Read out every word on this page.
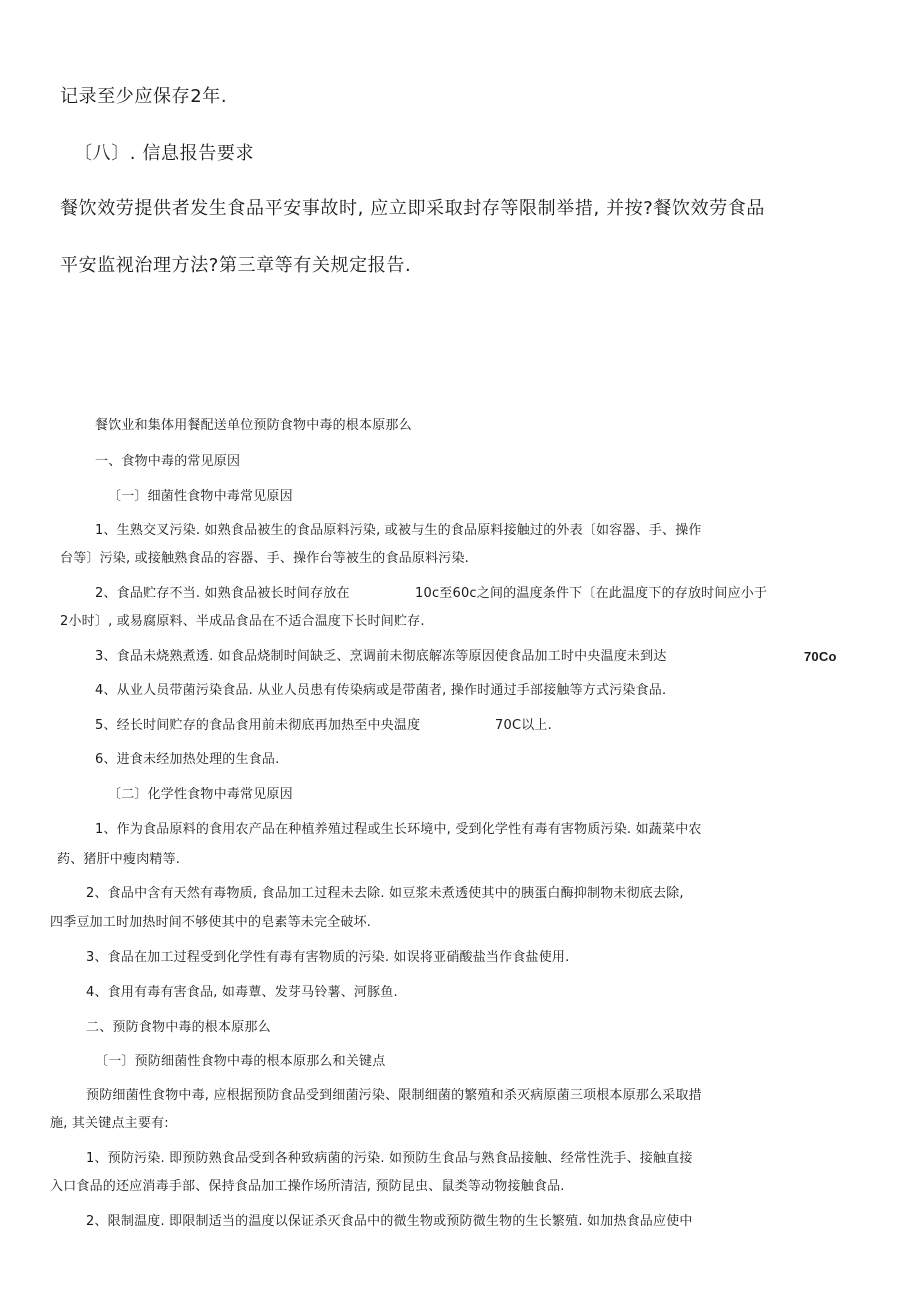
记录至少应保存2年.
〔八〕. 信息报告要求
餐饮效劳提供者发生食品平安事故时, 应立即采取封存等限制举措, 并按?餐饮效劳食品
平安监视治理方法?第三章等有关规定报告.
餐饮业和集体用餐配送单位预防食物中毒的根本原那么
一、食物中毒的常见原因
〔一〕细菌性食物中毒常见原因
1、生熟交叉污染. 如熟食品被生的食品原料污染, 或被与生的食品原料接触过的外表〔如容器、手、操作
台等〕污染, 或接触熟食品的容器、手、操作台等被生的食品原料污染.
2、食品贮存不当. 如熟食品被长时间存放在	10c至60c之间的温度条件下〔在此温度下的存放时间应小于
2小时〕, 或易腐原料、半成品食品在不适合温度下长时间贮存.
3、食品未烧熟煮透. 如食品烧制时间缺乏、烹调前未彻底解冻等原因使食品加工时中央温度未到达	70Co
4、从业人员带菌污染食品. 从业人员患有传染病或是带菌者, 操作时通过手部接触等方式污染食品.
5、经长时间贮存的食品食用前未彻底再加热至中央温度	70C以上.
6、进食未经加热处理的生食品.
〔二〕化学性食物中毒常见原因
1、作为食品原料的食用农产品在种植养殖过程或生长环境中, 受到化学性有毒有害物质污染. 如蔬菜中农
药、猪肝中瘦肉精等.
2、食品中含有天然有毒物质, 食品加工过程未去除. 如豆浆未煮透使其中的胰蛋白酶抑制物未彻底去除,
四季豆加工时加热时间不够使其中的皂素等未完全破坏.
3、食品在加工过程受到化学性有毒有害物质的污染. 如误将亚硝酸盐当作食盐使用.
4、食用有毒有害食品, 如毒蕈、发芽马铃薯、河豚鱼.
二、预防食物中毒的根本原那么
〔一〕预防细菌性食物中毒的根本原那么和关键点
预防细菌性食物中毒, 应根据预防食品受到细菌污染、限制细菌的繁殖和杀灭病原菌三项根本原那么采取措
施, 其关键点主要有:
1、预防污染. 即预防熟食品受到各种致病菌的污染. 如预防生食品与熟食品接触、经常性洗手、接触直接
入口食品的还应消毒手部、保持食品加工操作场所清洁, 预防昆虫、鼠类等动物接触食品.
2、限制温度. 即限制适当的温度以保证杀灭食品中的微生物或预防微生物的生长繁殖. 如加热食品应使中
